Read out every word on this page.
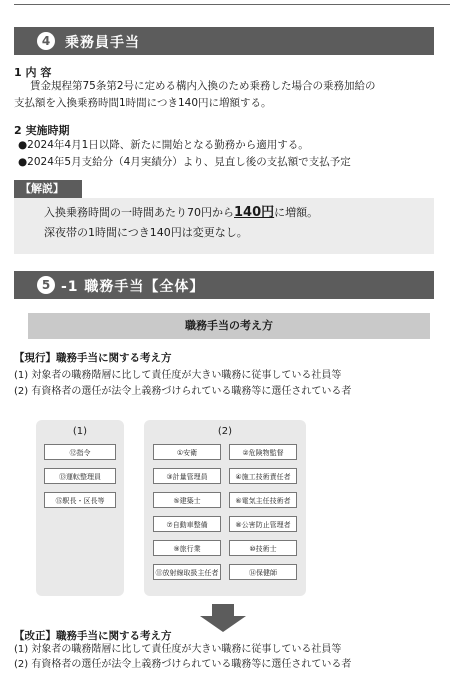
4	乗務員手当
1 内 容
賃金規程第75条第2号に定める構内入換のため乗務した場合の乗務加給の
支払額を入換乗務時間1時間につき140円に増額する。
2 実施時期
●2024年4月1日以降、新たに開始となる勤務から適用する。
●2024年5月支給分（4月実績分）より、見直し後の支払額で支払予定
【解説】
入換乗務時間の一時間あたり70円から140円に増額。
深夜帯の1時間につき140円は変更なし。
5 -1 職務手当【全体】
職務手当の考え方
【現行】職務手当に関する考え方
(1) 対象者の職務階層に比して責任度が大きい職務に従事している社員等
(2) 有資格者の選任が法令上義務づけられている職務等に選任されている者
(1)
⑫指令
⑬運転整理員
⑮駅長・区長等
(2)
①安衛	②危険物監督
③計量管理員	④施工技術責任者
⑤建築士	⑥電気主任技術者
⑦自動車整備	⑧公害防止管理者
⑨旅行業	⑩技術士
⑪放射線取扱主任者	⑭保健師
【改正】職務手当に関する考え方
(1) 対象者の職務階層に比して責任度が大きい職務に従事している社員等
(2) 有資格者の選任が法令上義務づけられている職務等に選任されている者
